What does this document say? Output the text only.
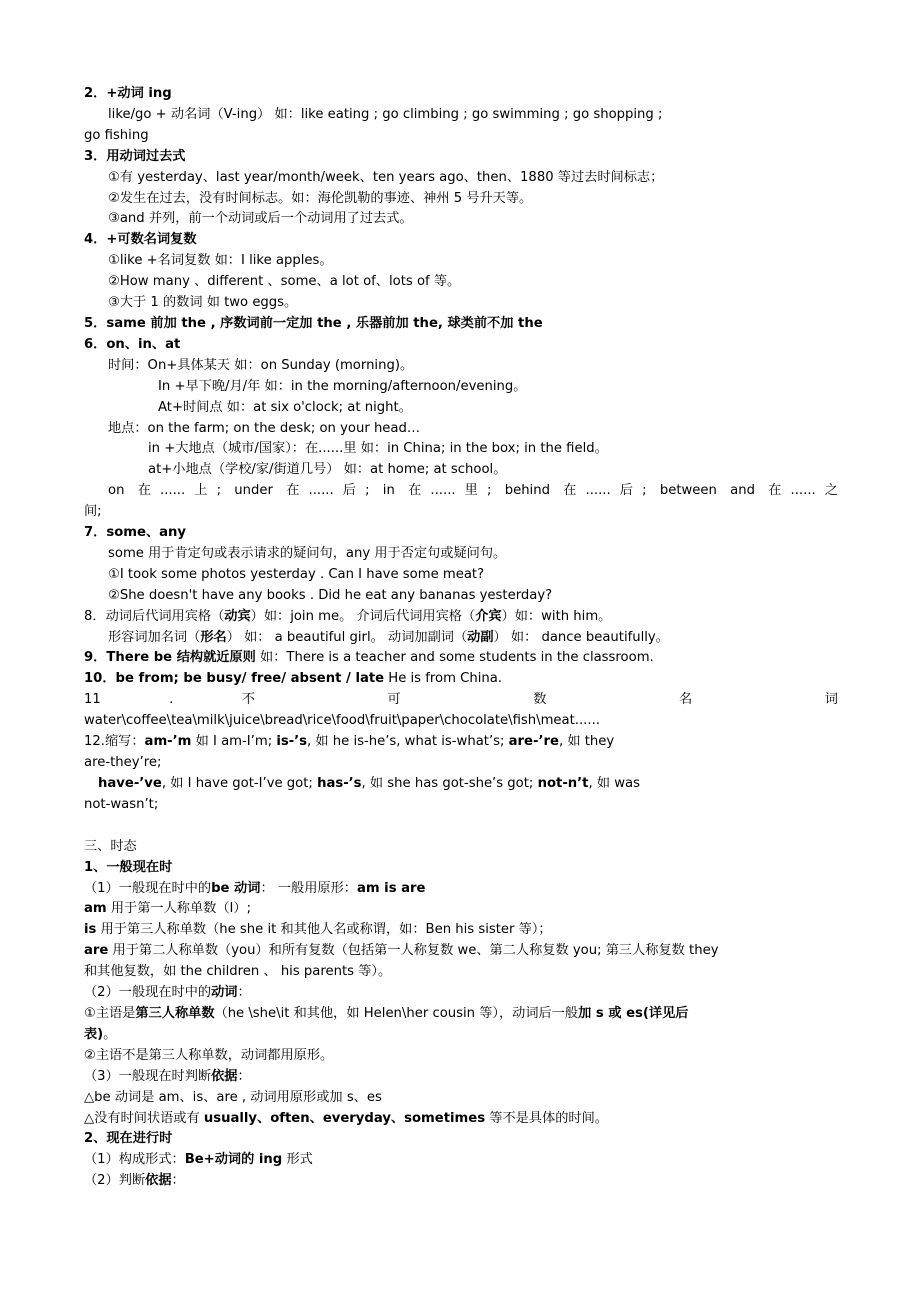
2．+动词 ing
like/go + 动名词（V-ing） 如：like eating ; go climbing ; go swimming ; go shopping ;
go fishing
3．用动词过去式
①有 yesterday、last year/month/week、ten years ago、then、1880 等过去时间标志；
②发生在过去，没有时间标志。如：海伦凯勒的事迹、神州 5 号升天等。
③and 并列，前一个动词或后一个动词用了过去式。
4．+可数名词复数
①like +名词复数 如：I like apples。
②How many 、different 、some、a lot of、lots of 等。
③大于 1 的数词 如 two eggs。
5．same 前加 the , 序数词前一定加 the , 乐器前加 the, 球类前不加 the
6．on、in、at
时间：On+具体某天 如：on Sunday (morning)。
In +早下晚/月/年 如：in the morning/afternoon/evening。
At+时间点 如：at six o'clock; at night。
地点：on the farm; on the desk; on your head…
in +大地点（城市/国家）：在......里 如：in China; in the box; in the field。
at+小地点（学校/家/街道几号） 如：at home; at school。
on 在......上; under 在......后; in 在......里; behind 在......后; between and 在......之
间;
7．some、any
some 用于肯定句或表示请求的疑问句，any 用于否定句或疑问句。
①I took some photos yesterday . Can I have some meat?
②She doesn't have any books . Did he eat any bananas yesterday?
8．动词后代词用宾格（动宾）如：join me。 介词后代词用宾格（介宾）如：with him。
形容词加名词（形名） 如： a beautiful girl。 动词加副词（动副） 如： dance beautifully。
9．There be 结构就近原则 如：There is a teacher and some students in the classroom.
10．be from; be busy/ free/ absent / late He is from China.
11 . 不 可 数 名 词
water\coffee\tea\milk\juice\bread\rice\food\fruit\paper\chocolate\fish\meat......
12.缩写：am-’m 如 I am-I’m; is-’s, 如 he is-he’s, what is-what’s; are-’re, 如 they
are-they’re;
have-’ve, 如 I have got-I’ve got; has-’s, 如 she has got-she’s got; not-n’t, 如 was
not-wasn’t;
三、时态
1、一般现在时
（1）一般现在时中的be 动词： 一般用原形：am is are
am 用于第一人称单数（I）;
is 用于第三人称单数（he she it 和其他人名或称谓，如：Ben his sister 等）；
are 用于第二人称单数（you）和所有复数（包括第一人称复数 we、第二人称复数 you; 第三人称复数 they
和其他复数，如 the children 、 his parents 等）。
（2）一般现在时中的动词：
①主语是第三人称单数（he \she\it 和其他，如 Helen\her cousin 等），动词后一般加 s 或 es(详见后
表)。
②主语不是第三人称单数，动词都用原形。
（3）一般现在时判断依据：
△be 动词是 am、is、are , 动词用原形或加 s、es
△没有时间状语或有 usually、often、everyday、sometimes 等不是具体的时间。
2、现在进行时
（1）构成形式：Be+动词的 ing 形式
（2）判断依据：
